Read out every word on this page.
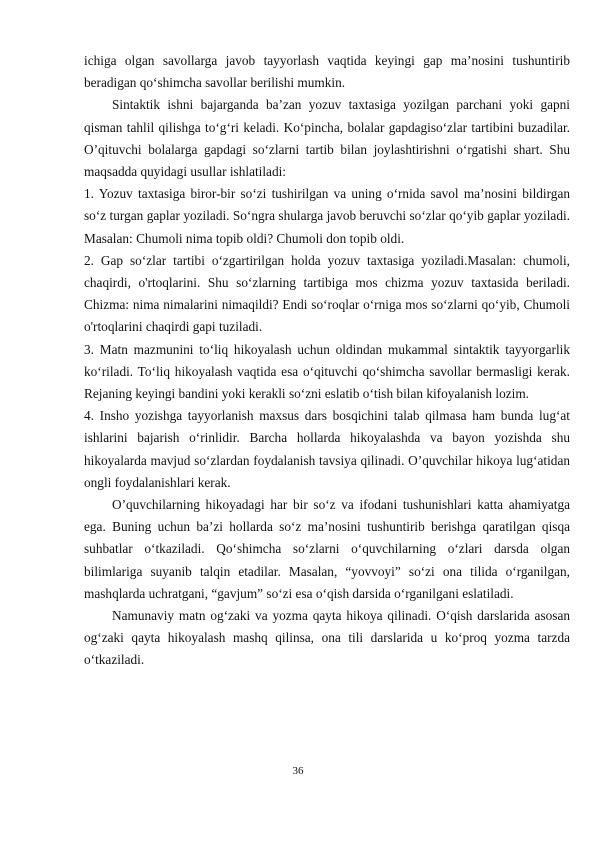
ichiga olgan savollarga javob tayyorlash vaqtida keyingi gap ma’nosini tushuntirib beradigan qo‘shimcha savollar berilishi mumkin.

Sintaktik ishni bajarganda ba’zan yozuv taxtasiga yozilgan parchani yoki gapni qisman tahlil qilishga to‘g‘ri keladi. Ko‘pincha, bolalar gapdagiso‘zlar tartibini buzadilar. O’qituvchi bolalarga gapdagi so‘zlarni tartib bilan joylashtirishni o‘rgatishi shart. Shu maqsadda quyidagi usullar ishlatiladi:

1. Yozuv taxtasiga biror-bir so‘zi tushirilgan va uning o‘rnida savol ma’nosini bildirgan so‘z turgan gaplar yoziladi. So‘ngra shularga javob beruvchi so‘zlar qo‘yib gaplar yoziladi. Masalan: Chumoli nima topib oldi? Chumoli don topib oldi.

2. Gap so‘zlar tartibi o‘zgartirilgan holda yozuv taxtasiga yoziladi.Masalan: chumoli, chaqirdi, o'rtoqlarini. Shu so‘zlarning tartibiga mos chizma yozuv taxtasida beriladi. Chizma: nima nimalarini nimaqildi? Endi so‘roqlar o‘rniga mos so‘zlarni qo‘yib, Chumoli o'rtoqlarini chaqirdi gapi tuziladi.

3. Matn mazmunini to‘liq hikoyalash uchun oldindan mukammal sintaktik tayyorgarlik ko‘riladi. To‘liq hikoyalash vaqtida esa o‘qituvchi qo‘shimcha savollar bermasligi kerak. Rejaning keyingi bandini yoki kerakli so‘zni eslatib o‘tish bilan kifoyalanish lozim.

4. Insho yozishga tayyorlanish maxsus dars bosqichini talab qilmasa ham bunda lug‘at ishlarini bajarish o‘rinlidir. Barcha hollarda hikoyalashda va bayon yozishda shu hikoyalarda mavjud so‘zlardan foydalanish tavsiya qilinadi. O’quvchilar hikoya lug‘atidan ongli foydalanishlari kerak.

O’quvchilarning hikoyadagi har bir so‘z va ifodani tushunishlari katta ahamiyatga ega. Buning uchun ba’zi hollarda so‘z ma’nosini tushuntirib berishga qaratilgan qisqa suhbatlar o‘tkaziladi. Qo‘shimcha so‘zlarni o‘quvchilarning o‘zlari darsda olgan bilimlariga suyanib talqin etadilar. Masalan, “yovvoyi” so‘zi ona tilida o‘rganilgan, mashqlarda uchratgani, “gavjum” so‘zi esa o‘qish darsida o‘rganilgani eslatiladi.

Namunaviy matn og‘zaki va yozma qayta hikoya qilinadi. O‘qish darslarida asosan og‘zaki qayta hikoyalash mashq qilinsa, ona tili darslarida u ko‘proq yozma tarzda o‘tkaziladi.

36
